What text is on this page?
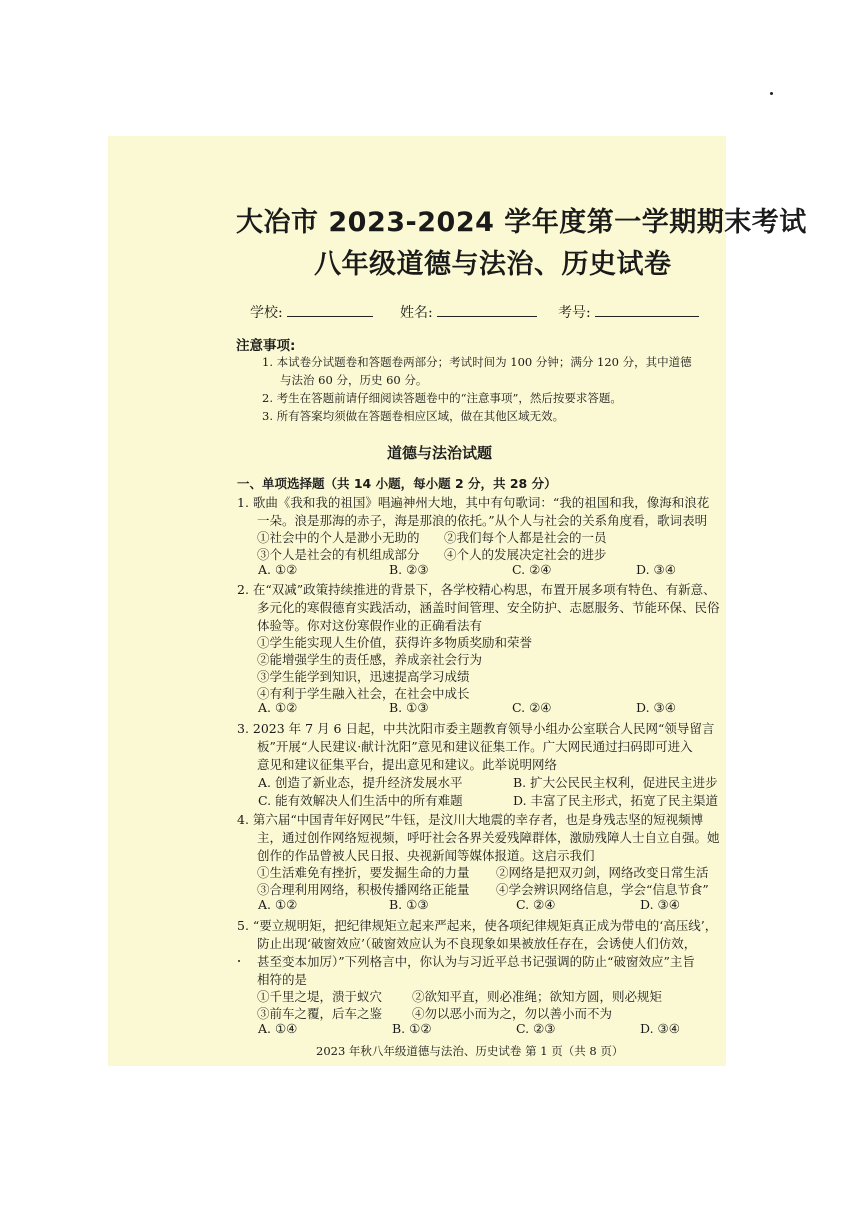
大冶市 2023-2024 学年度第一学期期末考试
八年级道德与法治、历史试卷
学校:	姓名:	考号:
注意事项:
1. 本试卷分试题卷和答题卷两部分；考试时间为 100 分钟；满分 120 分，其中道德
与法治 60 分，历史 60 分。
2. 考生在答题前请仔细阅读答题卷中的“注意事项”，然后按要求答题。
3. 所有答案均须做在答题卷相应区域，做在其他区域无效。
道德与法治试题
一、单项选择题（共 14 小题，每小题 2 分，共 28 分）
1. 歌曲《我和我的祖国》唱遍神州大地，其中有句歌词：“我的祖国和我，像海和浪花
一朵。浪是那海的赤子，海是那浪的依托。”从个人与社会的关系角度看，歌词表明
①社会中的个人是渺小无助的 ②我们每个人都是社会的一员
③个人是社会的有机组成部分 ④个人的发展决定社会的进步
A. ①②	B. ②③	C. ②④	D. ③④
2. 在“双减”政策持续推进的背景下，各学校精心构思，布置开展多项有特色、有新意、
多元化的寒假德育实践活动，涵盖时间管理、安全防护、志愿服务、节能环保、民俗
体验等。你对这份寒假作业的正确看法有
①学生能实现人生价值，获得许多物质奖励和荣誉
②能增强学生的责任感，养成亲社会行为
③学生能学到知识，迅速提高学习成绩
④有利于学生融入社会，在社会中成长
A. ①②	B. ①③	C. ②④	D. ③④
3. 2023 年 7 月 6 日起，中共沈阳市委主题教育领导小组办公室联合人民网“领导留言
板”开展“人民建议·献计沈阳”意见和建议征集工作。广大网民通过扫码即可进入
意见和建议征集平台，提出意见和建议。此举说明网络
A. 创造了新业态，提升经济发展水平	B. 扩大公民民主权利，促进民主进步
C. 能有效解决人们生活中的所有难题	D. 丰富了民主形式，拓宽了民主渠道
4. 第六届“中国青年好网民”牛钰，是汶川大地震的幸存者，也是身残志坚的短视频博
主，通过创作网络短视频，呼吁社会各界关爱残障群体，激励残障人士自立自强。她
创作的作品曾被人民日报、央视新闻等媒体报道。这启示我们
①生活难免有挫折，要发掘生命的力量 ②网络是把双刃剑，网络改变日常生活
③合理利用网络，积极传播网络正能量 ④学会辨识网络信息，学会“信息节食”
A. ①②	B. ①③	C. ②④	D. ③④
5. “要立规明矩，把纪律规矩立起来严起来，使各项纪律规矩真正成为带电的‘高压线’，
防止出现‘破窗效应’（破窗效应认为不良现象如果被放任存在，会诱使人们仿效，
甚至变本加厉）”下列格言中，你认为与习近平总书记强调的防止“破窗效应”主旨
相符的是
①千里之堤，溃于蚁穴 ②欲知平直，则必准绳；欲知方圆，则必规矩
③前车之覆，后车之鉴 ④勿以恶小而为之，勿以善小而不为
A. ①④	B. ①②	C. ②③	D. ③④
2023 年秋八年级道德与法治、历史试卷 第 1 页（共 8 页）
